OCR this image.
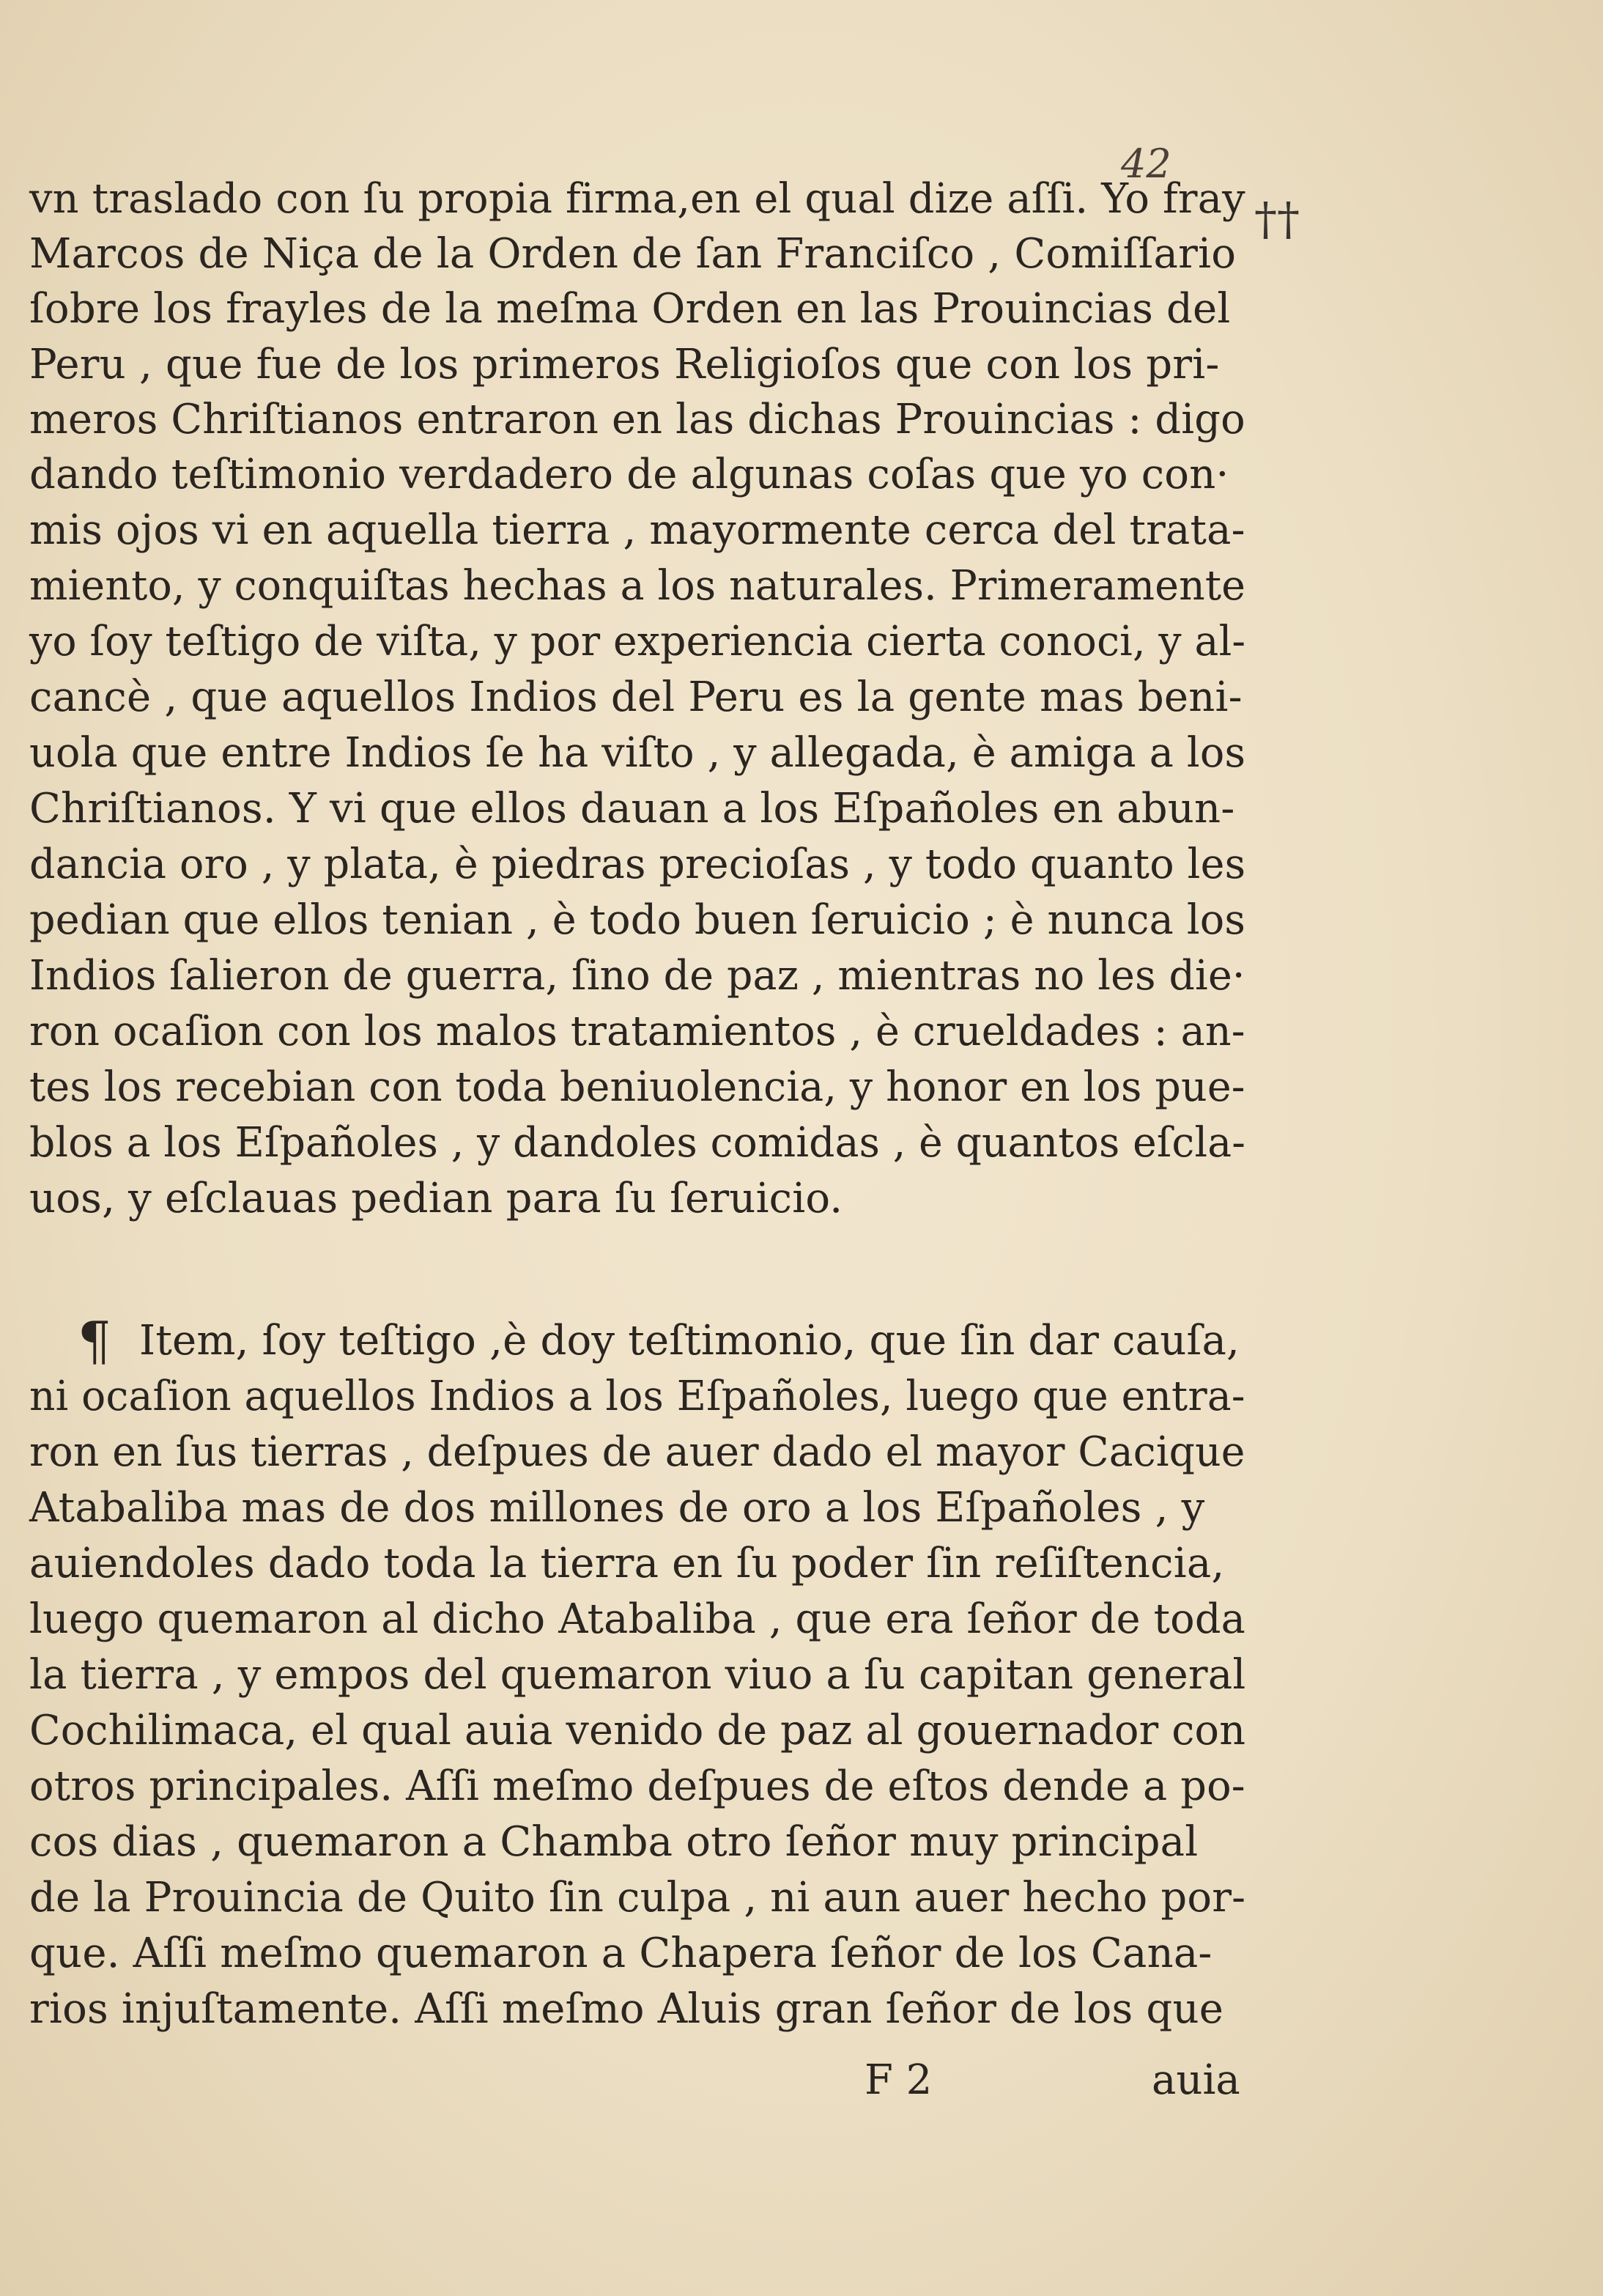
42
††
vn traslado con ſu propia firma,en el qual dize aſſi. Yo fray
Marcos de Niça de la Orden de ſan Franciſco , Comiſſario
ſobre los frayles de la meſma Orden en las Prouincias del
Peru , que fue de los primeros Religioſos que con los pri-
meros Chriſtianos entraron en las dichas Prouincias : digo
dando teſtimonio verdadero de algunas coſas que yo con·
mis ojos vi en aquella tierra , mayormente cerca del trata-
miento, y conquiſtas hechas a los naturales. Primeramente
yo ſoy teſtigo de viſta, y por experiencia cierta conoci, y al-
cancè , que aquellos Indios del Peru es la gente mas beni-
uola que entre Indios ſe ha viſto , y allegada, è amiga a los
Chriſtianos. Y vi que ellos dauan a los Eſpañoles en abun-
dancia oro , y plata, è piedras precioſas , y todo quanto les
pedian que ellos tenian , è todo buen ſeruicio ; è nunca los
Indios ſalieron de guerra, ſino de paz , mientras no les die·
ron ocaſion con los malos tratamientos , è crueldades : an-
tes los recebian con toda beniuolencia, y honor en los pue-
blos a los Eſpañoles , y dandoles comidas , è quantos eſcla-
uos, y eſclauas pedian para ſu ſeruicio.
¶ Item, ſoy teſtigo ,è doy teſtimonio, que ſin dar cauſa,
ni ocaſion aquellos Indios a los Eſpañoles, luego que entra-
ron en ſus tierras , deſpues de auer dado el mayor Cacique
Atabaliba mas de dos millones de oro a los Eſpañoles , y
auiendoles dado toda la tierra en ſu poder ſin reſiſtencia,
luego quemaron al dicho Atabaliba , que era ſeñor de toda
la tierra , y empos del quemaron viuo a ſu capitan general
Cochilimaca, el qual auia venido de paz al gouernador con
otros principales. Aſſi meſmo deſpues de eſtos dende a po-
cos dias , quemaron a Chamba otro ſeñor muy principal
de la Prouincia de Quito ſin culpa , ni aun auer hecho por-
que. Aſſi meſmo quemaron a Chapera ſeñor de los Cana-
rios injuſtamente. Aſſi meſmo Aluis gran ſeñor de los que
F 2	auia
